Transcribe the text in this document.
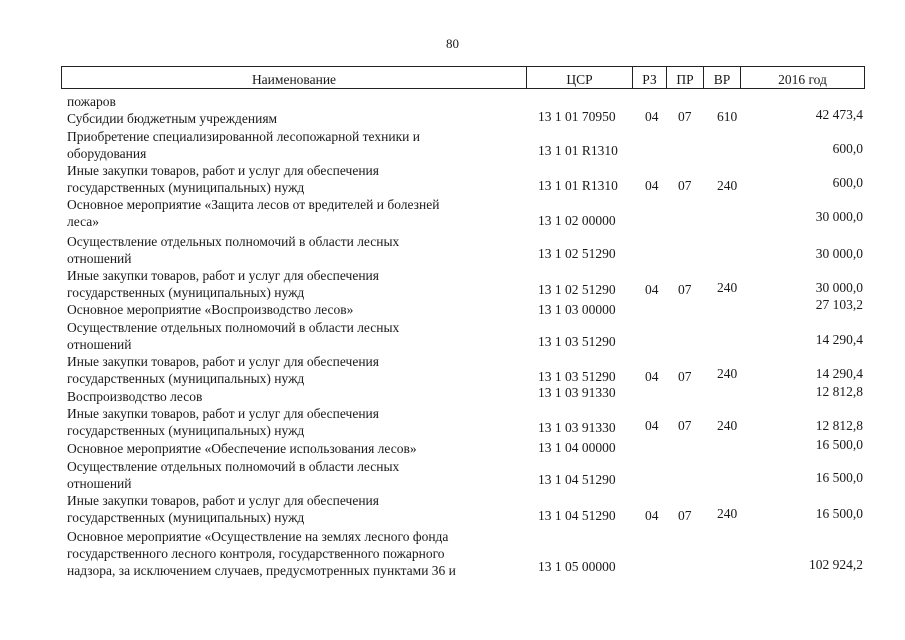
80
Наименование	ЦСР	РЗ	ПР	ВР	2016 год
пожаров
Субсидии бюджетным учреждениям	13 1 01 70950	04	07	610	42 473,4
Приобретение специализированной лесопожарной техники и
оборудования	13 1 01 R1310	600,0
Иные закупки товаров, работ и услуг для обеспечения
государственных (муниципальных) нужд	13 1 01 R1310	04	07	240	600,0
Основное мероприятие «Защита лесов от вредителей и болезней
леса»	13 1 02 00000	30 000,0
Осуществление отдельных полномочий в области лесных
отношений	13 1 02 51290	30 000,0
Иные закупки товаров, работ и услуг для обеспечения
государственных (муниципальных) нужд	13 1 02 51290	04	07	240	30 000,0
Основное мероприятие «Воспроизводство лесов»	13 1 03 00000	27 103,2
Осуществление отдельных полномочий в области лесных
отношений	13 1 03 51290	14 290,4
Иные закупки товаров, работ и услуг для обеспечения
государственных (муниципальных) нужд	13 1 03 51290	04	07	240	14 290,4
Воспроизводство лесов	13 1 03 91330	12 812,8
Иные закупки товаров, работ и услуг для обеспечения
государственных (муниципальных) нужд	13 1 03 91330	04	07	240	12 812,8
Основное мероприятие «Обеспечение использования лесов»	13 1 04 00000	16 500,0
Осуществление отдельных полномочий в области лесных
отношений	13 1 04 51290	16 500,0
Иные закупки товаров, работ и услуг для обеспечения
государственных (муниципальных) нужд	13 1 04 51290	04	07	240	16 500,0
Основное мероприятие «Осуществление на землях лесного фонда
государственного лесного контроля, государственного пожарного
надзора, за исключением случаев, предусмотренных пунктами 36 и	13 1 05 00000	102 924,2
